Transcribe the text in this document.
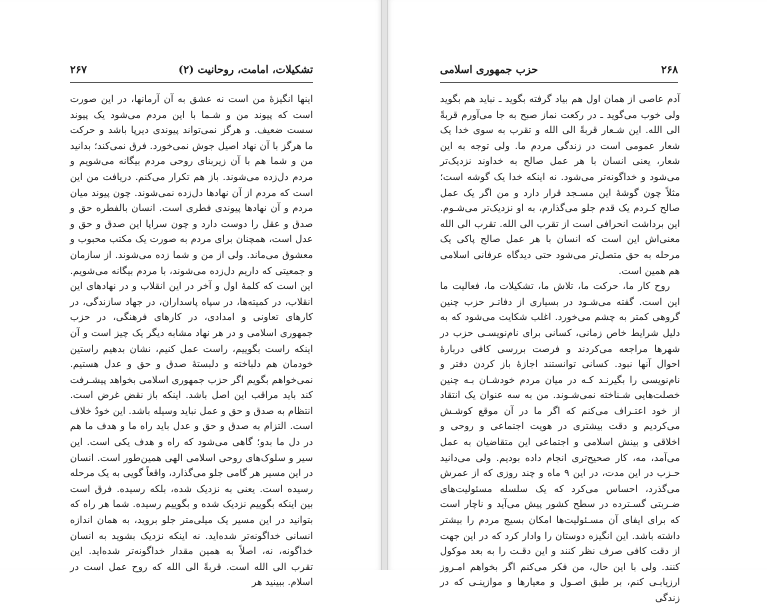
تشکیلات، امامت، روحانیت (۲)
۲۶۷

اینها انگیزهٔ من است نه عشق به آن آرمانها، در این صورت است که پیوند من و شـما با این مردم می‌شود یک پیوند سست ضعیف. و هرگز نمی‌تواند پیوندی دیرپا باشد و حرکت ما هرگز با آن نهاد اصیل جوش نمی‌خورد. فرق نمی‌کند؛ بدانید من و شما هم با آن زیربنای روحی مردم بیگانه می‌شویم و مردم دل‌زده می‌شوند. باز هم تکرار می‌کنم. دریافت من این است که مردم از آن نهادها دل‌زده نمی‌شوند. چون پیوند میان مردم و آن نهادها پیوندی فطری است. انسان بالفطره حق و صدق و عقل را دوست دارد و چون سراپا این صدق و حق و عدل است، همچنان برای مردم به صورت یک مکتب محبوب و معشوق می‌ماند. ولی از من و شما زده می‌شوند. از سازمان و جمعیتی که داریم دل‌زده می‌شوند، با مردم بیگانه می‌شویم. این است که کلمهٔ اول و آخر در این انقلاب و در نهادهای این انقلاب، در کمیته‌ها، در سپاه پاسداران، در جهاد سازندگی، در کارهای تعاونی و امدادی، در کارهای فرهنگی، در حزب جمهوری اسلامی و در هر نهاد مشابه دیگر یک چیز است و آن اینکه راست بگوییم، راست عمل کنیم، نشان بدهیم راستین خودمان هم دلباخته و دلبستهٔ صدق و حق و عدل هستیم. نمی‌خواهم بگویم اگر حزب جمهوری اسلامی بخواهد پیشـرفت کند باید مراقب این اصل باشد. اینکه باز نقض غرض است. انتظام به صدق و حق و عمل نباید وسیله باشد. این خودٌ خلاف است. التزام به صدق و حق و عدل باید راه ما و هدف ما هم در دل ما بدو؛ گاهی می‌شود که راه و هدف یکی است. این سیر و سلوک‌های روحی اسلامی الهی همین‌طور است. انسان در این مسیر هر گامی جلو می‌گذارد، واقعاً گویی به یک مرحله رسیده است. یعنی به نزدیک شده، بلکه رسیده. فرق است بین اینکه بگوییم نزدیک شده و بگوییم رسیده. شما هر راه که بتوانید در این مسیر یک میلی‌متر جلو بروید، به همان اندازه انسانی خداگونه‌تر شده‌اید. نه اینکه نزدیک بشوید به انسان خداگونه، نه، اصلاً به همین مقدار خداگونه‌تر شده‌اید. این تقرب الی الله است. قربةً الی الله که روح عمل است در اسلام. ببینید هر

۲۶۸
حزب جمهوری اسلامی

آدم عاصی از همان اول هم بیاد گرفته بگوید ـ نباید هم بگوید ولی خوب می‌گوید ـ در رکعت نماز صبح به جا می‌آورم قربةً الی الله. این شـعار قربةً الی الله و تقرب به سوی خدا یک شعار عمومی است در زندگی مردم ما. ولی توجه به این شعار، یعنی انسان با هر عمل صالح به خداوند نزدیک‌تر می‌شود و خداگونه‌تر می‌شود. نه اینکه خدا یک گوشه است؛ مثلاً چون گوشهٔ این مسـجد قرار دارد و من اگر یک عمل صالح کـردم یک قدم جلو می‌گذارم، به او نزدیک‌تر می‌شـوم. این برداشت انحرافی است از تقرب الی الله. تقرب الی الله معنی‌اش این است که انسان با هر عمل صالح پاکی یک مرحله به حق متصل‌تر می‌شود حتی دیدگاه عرفانی اسلامی هم همین است.

روح کار ما، حرکت ما، تلاش ما، تشکیلات ما، فعالیت ما این است. گفته می‌شـود در بسیاری از دفاتـر حزب چنین گروهی کمتر به چشم می‌خورد. اغلب شکایت می‌شود که به دلیل شرایط خاص زمانی، کسانی برای نام‌نویسـی حزب در شهرها مراجعه می‌کردند و فرصت بررسی کافی دربارهٔ احوال آنها نبود. کسانی توانستند اجازهٔ باز کردن دفتر و نام‌نویسی را بگیرنـد کـه در میان مردم خودشـان بـه چنین خصلت‌هایی شـناخته نمی‌شـوند. من به سه عنوان یک انتقاد از خود اعتـراف می‌کنم که اگر ما در آن موقع کوشـش می‌کردیم و دقت بیشتری در هویت اجتماعی و روحی و اخلاقی و بینش اسلامی و اجتماعی این متقاضیان به عمل می‌آمد، مه، کار صحیح‌تری انجام داده بودیم. ولی می‌دانید حـزب در این مدت، در این ۹ ماه و چند روزی که از عمرش می‌گذرد، احساس می‌کرد که یک سلسله مسئولیت‌های ضـربتی گسـترده در سطح کشور پیش می‌آید و ناچار است که برای ایفای آن مسـئولیت‌ها امکان بسیج مردم را بیشتر داشته باشد. این انگیزه دوستان را وادار کرد که در این جهت از دقت کافی صرف نظر کنند و این دقـت را به بعد موکول کنند. ولی با این حال، من فکر می‌کنم اگر بخواهم امـروز ارزیابـی کنم، بر طبق اصـول و معیارها و موازینـی که در زندگی
